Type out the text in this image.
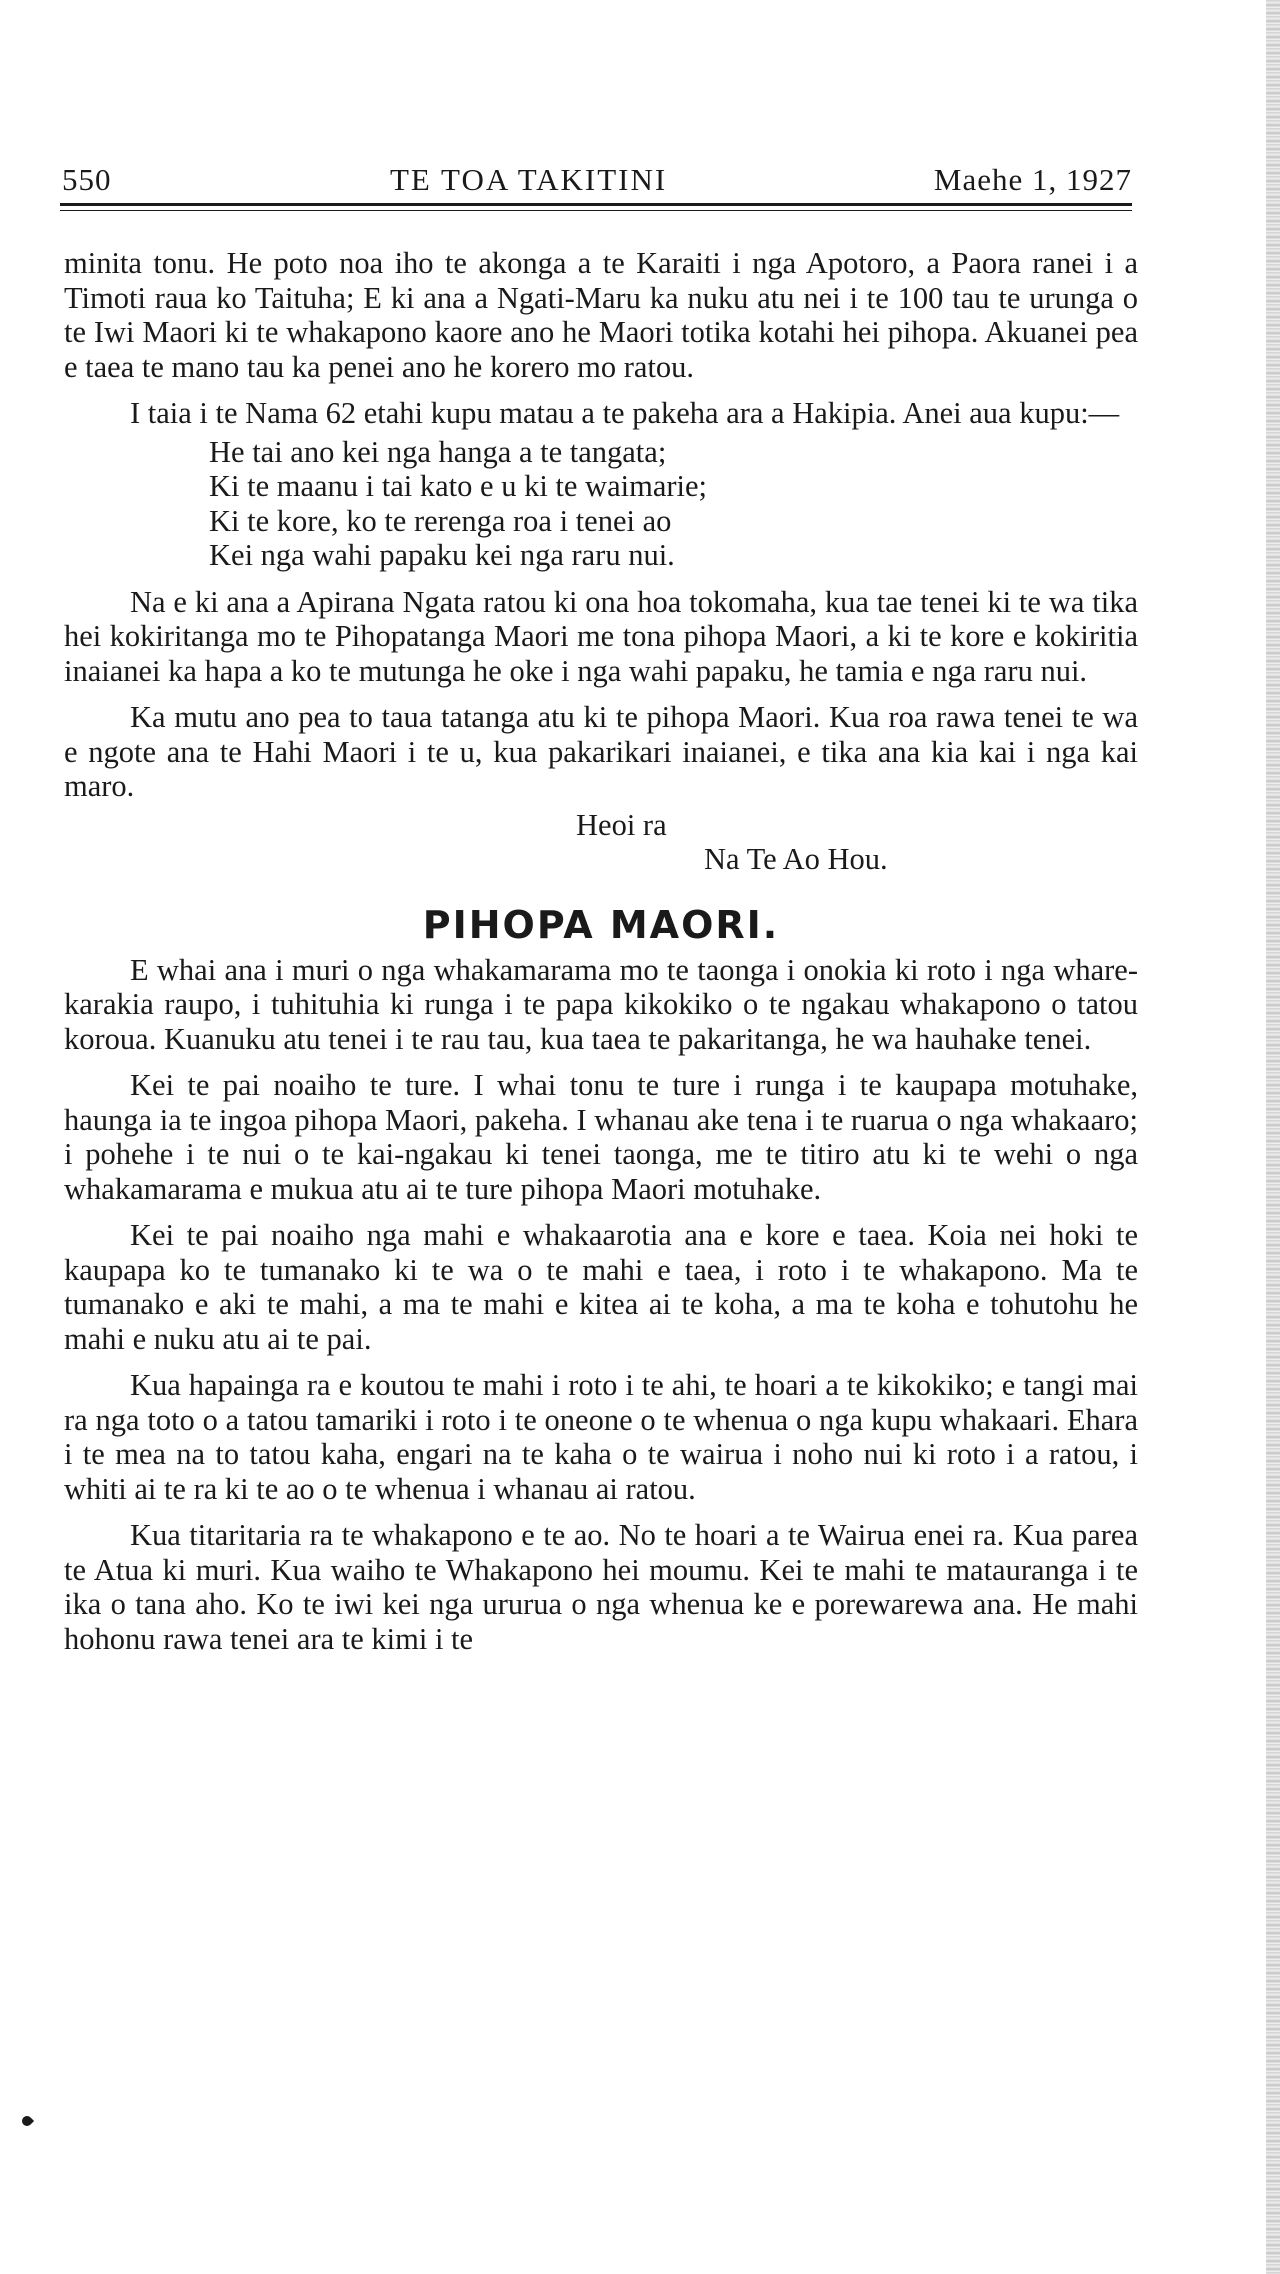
550	TE TOA TAKITINI	Maehe 1, 1927

minita tonu. He poto noa iho te akonga a te Karaiti i nga Apotoro, a Paora ranei i a Timoti raua ko Taituha; E ki ana a Ngati-Maru ka nuku atu nei i te 100 tau te urunga o te Iwi Maori ki te whakapono kaore ano he Maori totika kotahi hei pihopa. Akuanei pea e taea te mano tau ka penei ano he korero mo ratou.

I taia i te Nama 62 etahi kupu matau a te pakeha ara a Hakipia. Anei aua kupu:—

He tai ano kei nga hanga a te tangata;
Ki te maanu i tai kato e u ki te waimarie;
Ki te kore, ko te rerenga roa i tenei ao
Kei nga wahi papaku kei nga raru nui.

Na e ki ana a Apirana Ngata ratou ki ona hoa tokomaha, kua tae tenei ki te wa tika hei kokiritanga mo te Pihopatanga Maori me tona pihopa Maori, a ki te kore e kokiritia inaianei ka hapa a ko te mutunga he oke i nga wahi papaku, he tamia e nga raru nui.

Ka mutu ano pea to taua tatanga atu ki te pihopa Maori. Kua roa rawa tenei te wa e ngote ana te Hahi Maori i te u, kua pakarikari inaianei, e tika ana kia kai i nga kai maro.

Heoi ra
Na Te Ao Hou.
PIHOPA MAORI.

E whai ana i muri o nga whakamarama mo te taonga i onokia ki roto i nga whare-karakia raupo, i tuhituhia ki runga i te papa kikokiko o te ngakau whakapono o tatou koroua. Kuanuku atu tenei i te rau tau, kua taea te pakaritanga, he wa hauhake tenei.

Kei te pai noaiho te ture. I whai tonu te ture i runga i te kaupapa motuhake, haunga ia te ingoa pihopa Maori, pakeha. I whanau ake tena i te ruarua o nga whakaaro; i pohehe i te nui o te kai-ngakau ki tenei taonga, me te titiro atu ki te wehi o nga whakamarama e mukua atu ai te ture pihopa Maori motuhake.

Kei te pai noaiho nga mahi e whakaarotia ana e kore e taea. Koia nei hoki te kaupapa ko te tumanako ki te wa o te mahi e taea, i roto i te whakapono. Ma te tumanako e aki te mahi, a ma te mahi e kitea ai te koha, a ma te koha e tohutohu he mahi e nuku atu ai te pai.

Kua hapainga ra e koutou te mahi i roto i te ahi, te hoari a te kikokiko; e tangi mai ra nga toto o a tatou tamariki i roto i te oneone o te whenua o nga kupu whakaari. Ehara i te mea na to tatou kaha, engari na te kaha o te wairua i noho nui ki roto i a ratou, i whiti ai te ra ki te ao o te whenua i whanau ai ratou.

Kua titaritaria ra te whakapono e te ao. No te hoari a te Wairua enei ra. Kua parea te Atua ki muri. Kua waiho te Whakapono hei moumu. Kei te mahi te matauranga i te ika o tana aho. Ko te iwi kei nga ururua o nga whenua ke e porewarewa ana. He mahi hohonu rawa tenei ara te kimi i te
